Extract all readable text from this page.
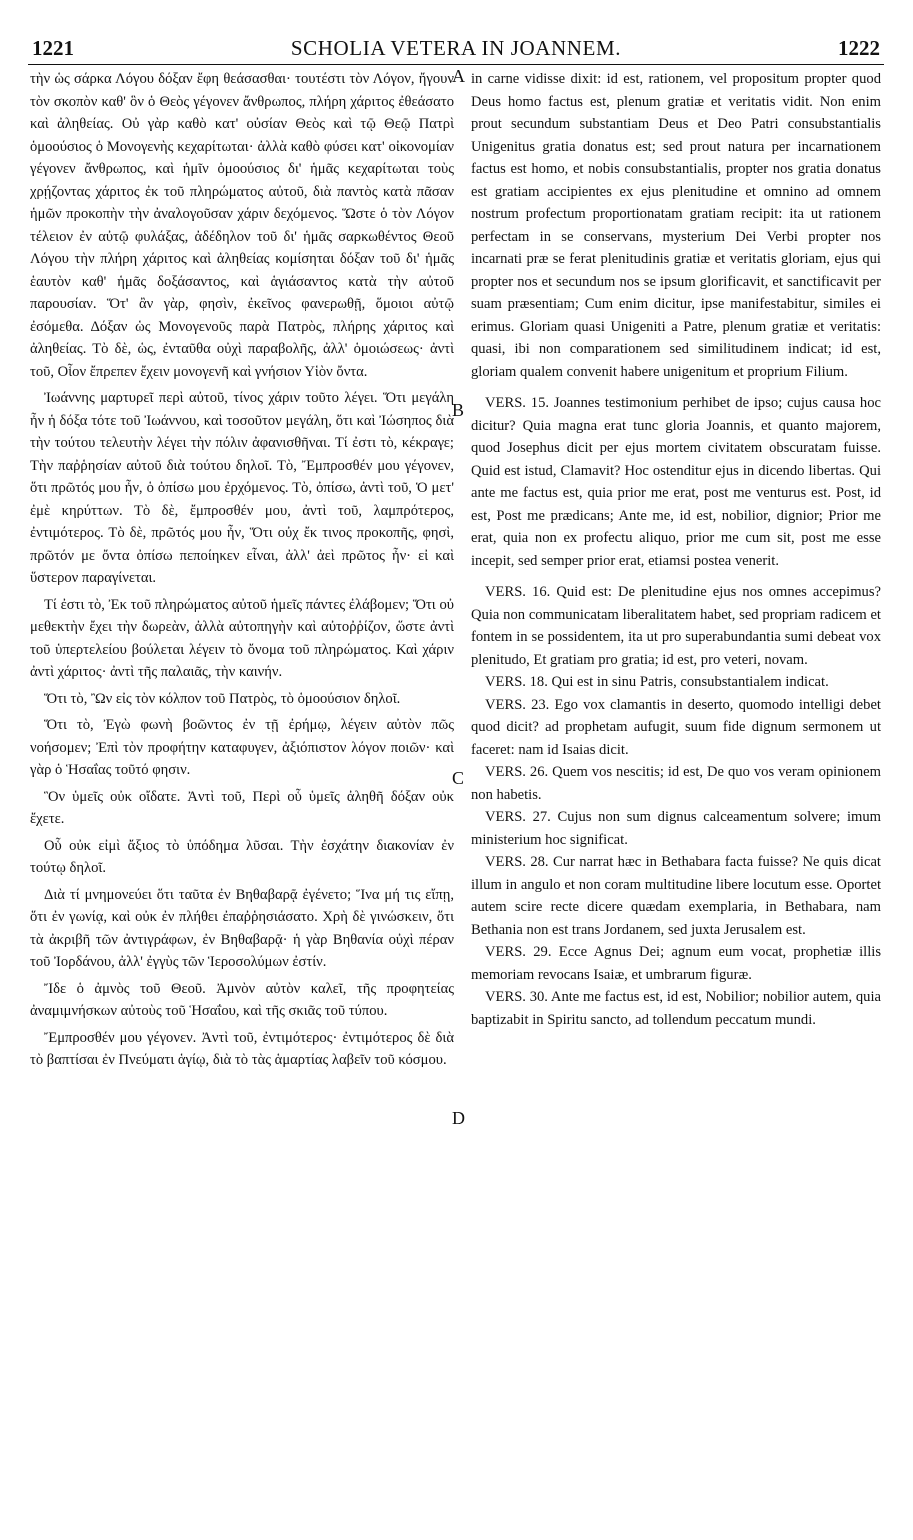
1221	SCHOLIA VETERA IN JOANNEM.	1222

τὴν ὡς σάρκα Λόγου δόξαν ἔφη θεάσασθαι· τουτέστι τὸν Λόγον, ἤγουν τὸν σκοπὸν καθ' ὃν ὁ Θεὸς γέγονεν ἄνθρωπος, πλήρη χάριτος ἐθεάσατο καὶ ἀληθείας. Οὐ γὰρ καθὸ κατ' οὐσίαν Θεὸς καὶ τῷ Θεῷ Πατρὶ ὁμοούσιος ὁ Μονογενὴς κεχαρίτωται· ἀλλὰ καθὸ φύσει κατ' οἰκονομίαν γέγονεν ἄνθρωπος, καὶ ἡμῖν ὁμοούσιος δι' ἡμᾶς κεχαρίτωται τοὺς χρῄζοντας χάριτος ἐκ τοῦ πληρώματος αὐτοῦ, διὰ παντὸς κατὰ πᾶσαν ἡμῶν προκοπὴν τὴν ἀναλογοῦσαν χάριν δεχόμενος. Ὥστε ὁ τὸν Λόγον τέλειον ἐν αὐτῷ φυλάξας, ἀδέδηλον τοῦ δι' ἡμᾶς σαρκωθέντος Θεοῦ Λόγου τὴν πλήρη χάριτος καὶ ἀληθείας κομίσηται δόξαν τοῦ δι' ἡμᾶς ἑαυτὸν καθ' ἡμᾶς δοξάσαντος, καὶ ἁγιάσαντος κατὰ τὴν αὐτοῦ παρουσίαν. Ὅτ' ἂν γὰρ, φησὶν, ἐκεῖνος φανερωθῇ, ὅμοιοι αὐτῷ ἐσόμεθα. Δόξαν ὡς Μονογενοῦς παρὰ Πατρὸς, πλήρης χάριτος καὶ ἀληθείας. Τὸ δὲ, ὡς, ἐνταῦθα οὐχὶ παραβολῆς, ἀλλ' ὁμοιώσεως· ἀντὶ τοῦ, Οἷον ἔπρεπεν ἔχειν μονογενῆ καὶ γνήσιον Υἱὸν ὄντα.

Ἰωάννης μαρτυρεῖ περὶ αὐτοῦ, τίνος χάριν τοῦτο λέγει. Ὅτι μεγάλη ἦν ἡ δόξα τότε τοῦ Ἰωάννου, καὶ τοσοῦτον μεγάλη, ὅτι καὶ Ἰώσηπος διὰ τὴν τούτου τελευτὴν λέγει τὴν πόλιν ἀφανισθῆναι. Τί ἐστι τὸ, κέκραγε; Τὴν παῤῥησίαν αὐτοῦ διὰ τούτου δηλοῖ. Τὸ, Ἔμπροσθέν μου γέγονεν, ὅτι πρῶτός μου ἦν, ὁ ὀπίσω μου ἐρχόμενος. Τὸ, ὀπίσω, ἀντὶ τοῦ, Ὁ μετ' ἐμὲ κηρύττων. Τὸ δὲ, ἔμπροσθέν μου, ἀντὶ τοῦ, λαμπρότερος, ἐντιμότερος. Τὸ δὲ, πρῶτός μου ἦν, Ὅτι οὐχ ἔκ τινος προκοπῆς, φησὶ, πρῶτόν με ὄντα ὀπίσω πεποίηκεν εἶναι, ἀλλ' ἀεὶ πρῶτος ἦν· εἰ καὶ ὕστερον παραγίνεται.

Τί ἐστι τὸ, Ἐκ τοῦ πληρώματος αὐτοῦ ἡμεῖς πάντες ἐλάβομεν; Ὅτι οὐ μεθεκτὴν ἔχει τὴν δωρεὰν, ἀλλὰ αὐτοπηγὴν καὶ αὐτοῤῥίζον, ὥστε ἀντὶ τοῦ ὑπερτελείου βούλεται λέγειν τὸ ὄνομα τοῦ πληρώματος. Καὶ χάριν ἀντὶ χάριτος· ἀντὶ τῆς παλαιᾶς, τὴν καινήν.

Ὅτι τὸ, Ὢν εἰς τὸν κόλπον τοῦ Πατρὸς, τὸ ὁμοούσιον δηλοῖ.

Ὅτι τὸ, Ἐγὼ φωνὴ βοῶντος ἐν τῇ ἐρήμῳ, λέγειν αὐτὸν πῶς νοήσομεν; Ἐπὶ τὸν προφήτην καταφυγεν, ἀξιόπιστον λόγον ποιῶν· καὶ γὰρ ὁ Ἡσαΐας τοῦτό φησιν.

Ὃν ὑμεῖς οὐκ οἴδατε. Ἀντὶ τοῦ, Περὶ οὗ ὑμεῖς ἀληθῆ δόξαν οὐκ ἔχετε.

Οὗ οὐκ εἰμὶ ἄξιος τὸ ὑπόδημα λῦσαι. Τὴν ἐσχάτην διακονίαν ἐν τούτῳ δηλοῖ.

Διὰ τί μνημονεύει ὅτι ταῦτα ἐν Βηθαβαρᾷ ἐγένετο; Ἵνα μή τις εἴπῃ, ὅτι ἐν γωνίᾳ, καὶ οὐκ ἐν πλήθει ἐπαῤῥησιάσατο. Χρὴ δὲ γινώσκειν, ὅτι τὰ ἀκριβῆ τῶν ἀντιγράφων, ἐν Βηθαβαρᾷ· ἡ γὰρ Βηθανία οὐχὶ πέραν τοῦ Ἰορδάνου, ἀλλ' ἐγγὺς τῶν Ἱεροσολύμων ἐστίν.

Ἴδε ὁ ἀμνὸς τοῦ Θεοῦ. Ἀμνὸν αὐτὸν καλεῖ, τῆς προφητείας ἀναμιμνήσκων αὐτοὺς τοῦ Ἡσαΐου, καὶ τῆς σκιᾶς τοῦ τύπου.

Ἔμπροσθέν μου γέγονεν. Ἀντὶ τοῦ, ἐντιμότερος· ἐντιμότερος δὲ διὰ τὸ βαπτίσαι ἐν Πνεύματι ἁγίῳ, διὰ τὸ τὰς ἁμαρτίας λαβεῖν τοῦ κόσμου.

A
B
C
D

in carne vidisse dixit: id est, rationem, vel propositum propter quod Deus homo factus est, plenum gratiæ et veritatis vidit. Non enim prout secundum substantiam Deus et Deo Patri consubstantialis Unigenitus gratia donatus est; sed prout natura per incarnationem factus est homo, et nobis consubstantialis, propter nos gratia donatus est gratiam accipientes ex ejus plenitudine et omnino ad omnem nostrum profectum proportionatam gratiam recipit: ita ut rationem perfectam in se conservans, mysterium Dei Verbi propter nos incarnati præ se ferat plenitudinis gratiæ et veritatis gloriam, ejus qui propter nos et secundum nos se ipsum glorificavit, et sanctificavit per suam præsentiam; Cum enim dicitur, ipse manifestabitur, similes ei erimus. Gloriam quasi Unigeniti a Patre, plenum gratiæ et veritatis: quasi, ibi non comparationem sed similitudinem indicat; id est, gloriam qualem convenit habere unigenitum et proprium Filium.

VERS. 15. Joannes testimonium perhibet de ipso; cujus causa hoc dicitur? Quia magna erat tunc gloria Joannis, et quanto majorem, quod Josephus dicit per ejus mortem civitatem obscuratam fuisse. Quid est istud, Clamavit? Hoc ostenditur ejus in dicendo libertas. Qui ante me factus est, quia prior me erat, post me venturus est. Post, id est, Post me prædicans; Ante me, id est, nobilior, dignior; Prior me erat, quia non ex profectu aliquo, prior me cum sit, post me esse incepit, sed semper prior erat, etiamsi postea venerit.

VERS. 16. Quid est: De plenitudine ejus nos omnes accepimus? Quia non communicatam liberalitatem habet, sed propriam radicem et fontem in se possidentem, ita ut pro superabundantia sumi debeat vox plenitudo, Et gratiam pro gratia; id est, pro veteri, novam.

VERS. 18. Qui est in sinu Patris, consubstantialem indicat.

VERS. 23. Ego vox clamantis in deserto, quomodo intelligi debet quod dicit? ad prophetam aufugit, suum fide dignum sermonem ut faceret: nam id Isaias dicit.

VERS. 26. Quem vos nescitis; id est, De quo vos veram opinionem non habetis.

VERS. 27. Cujus non sum dignus calceamentum solvere; imum ministerium hoc significat.

VERS. 28. Cur narrat hæc in Bethabara facta fuisse? Ne quis dicat illum in angulo et non coram multitudine libere locutum esse. Oportet autem scire recte dicere quædam exemplaria, in Bethabara, nam Bethania non est trans Jordanem, sed juxta Jerusalem est.

VERS. 29. Ecce Agnus Dei; agnum eum vocat, prophetiæ illis memoriam revocans Isaiæ, et umbrarum figuræ.

VERS. 30. Ante me factus est, id est, Nobilior; nobilior autem, quia baptizabit in Spiritu sancto, ad tollendum peccatum mundi.
